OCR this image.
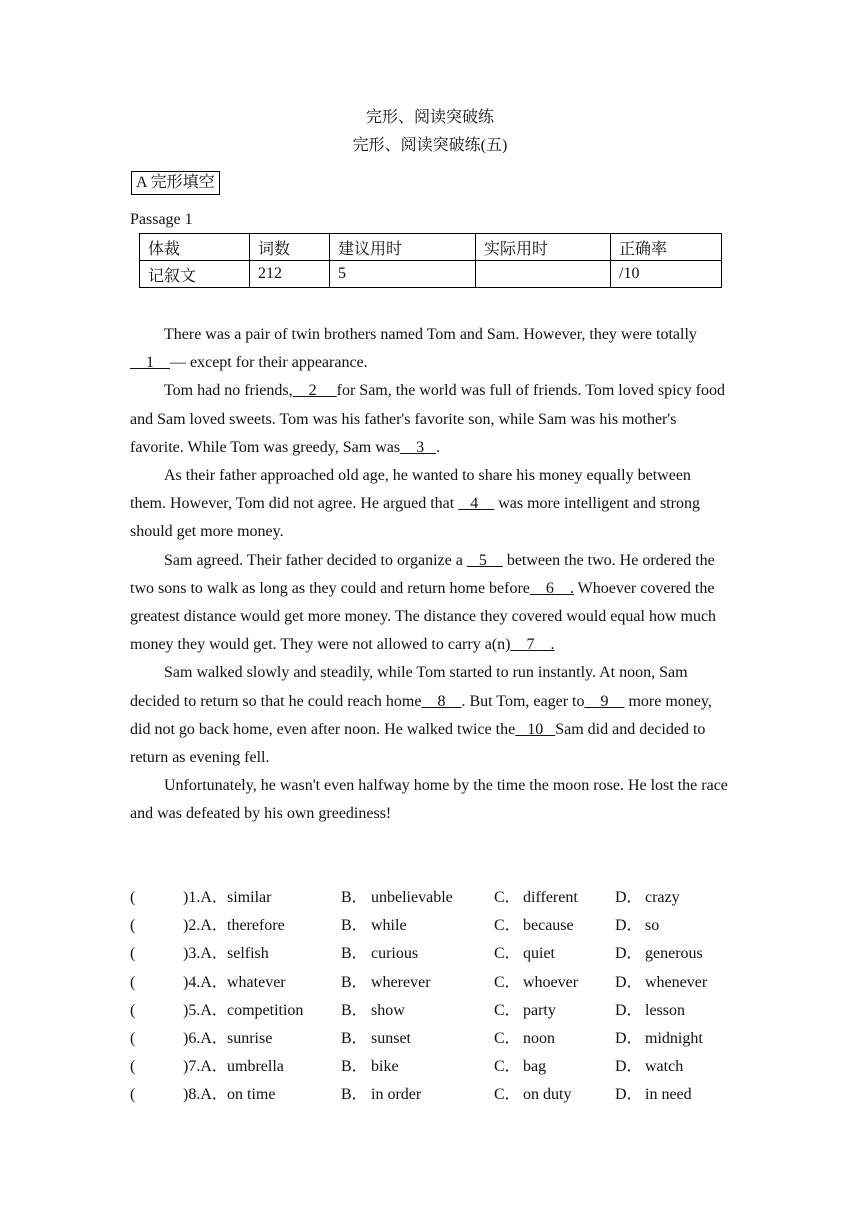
完形、阅读突破练
完形、阅读突破练(五)
A 完形填空
Passage 1
体裁	词数	建议用时	实际用时	正确率
记叙文	212	5		/10

There was a pair of twin brothers named Tom and Sam. However, they were totally    1    — except for their appearance.

Tom had no friends,    2     for Sam, the world was full of friends. Tom loved spicy food and Sam loved sweets. Tom was his father's favorite son, while Sam was his mother's favorite. While Tom was greedy, Sam was    3   .

As their father approached old age, he wanted to share his money equally between them. However, Tom did not agree. He argued that    4     was more intelligent and strong should get more money.

Sam agreed. Their father decided to organize a    5     between the two. He ordered the two sons to walk as long as they could and return home before    6    . Whoever covered the greatest distance would get more money. The distance they covered would equal how much money they would get. They were not allowed to carry a(n)    7    .

Sam walked slowly and steadily, while Tom started to run instantly. At noon, Sam decided to return so that he could reach home    8    . But Tom, eager to    9     more money, did not go back home, even after noon. He walked twice the   10   Sam did and decided to return as evening fell.

Unfortunately, he wasn't even halfway home by the time the moon rose. He lost the race and was defeated by his own greediness!

(	)1.A． similar	B． unbelievable	C． different D． crazy
(	)2.A． therefore	B． while	C． because	D． so
(	)3.A． selfish	B． curious	C． quiet	D． generous
(	)4.A． whatever	B． wherever	C． whoever D． whenever
(	)5.A． competition B． show	C． party	D． lesson
(	)6.A． sunrise	B． sunset	C． noon	D． midnight
(	)7.A． umbrella	B． bike	C． bag	D． watch
(	)8.A． on time	B． in order	C． on duty	D． in need
